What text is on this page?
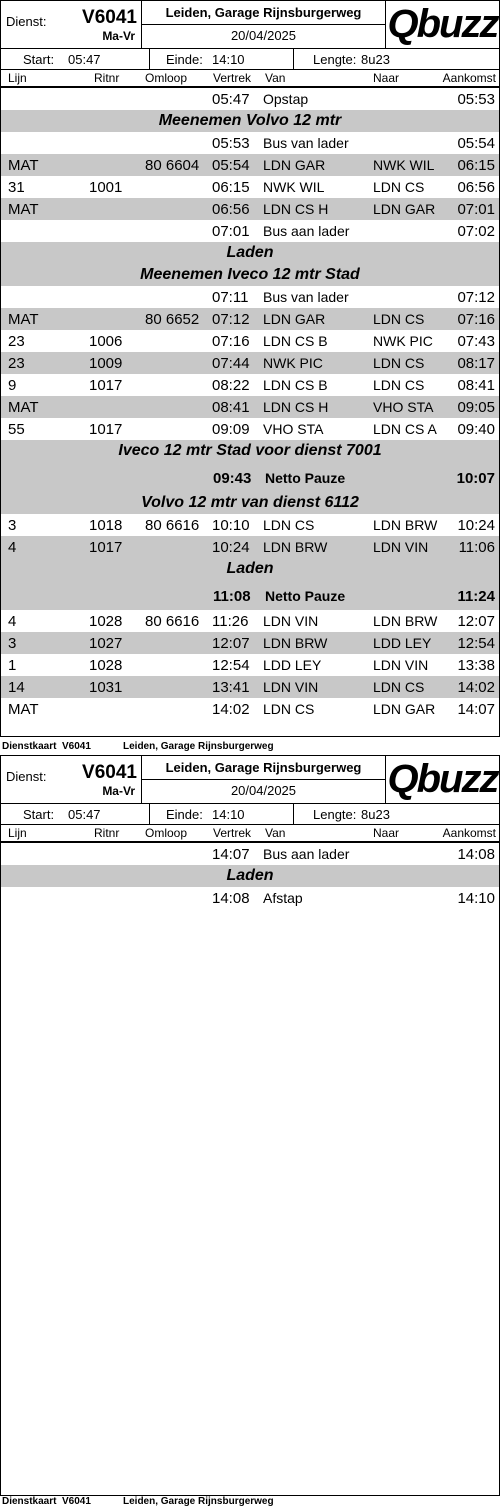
Dienst: V6041
Ma-Vr
Leiden, Garage Rijnsburgerweg
20/04/2025	Qbuzz
Start: 05:47	Einde: 14:10	Lengte: 8u23
Lijn	Ritnr Omloop Vertrek Van	Naar	Aankomst
05:47 Opstap	05:53
Meenemen Volvo 12 mtr
05:53 Bus van lader	05:54
MAT	80 6604 05:54 LDN GAR	NWK WIL 06:15
31	1001	06:15 NWK WIL	LDN CS 06:56
MAT	06:56 LDN CS H	LDN GAR 07:01
07:01 Bus aan lader	07:02
Laden
Meenemen Iveco 12 mtr Stad
07:11 Bus van lader	07:12
MAT	80 6652 07:12 LDN GAR	LDN CS 07:16
23	1006	07:16 LDN CS B	NWK PIC 07:43
23	1009	07:44 NWK PIC	LDN CS 08:17
9	1017	08:22 LDN CS B	LDN CS 08:41
MAT	08:41 LDN CS H	VHO STA 09:05
55	1017	09:09 VHO STA	LDN CS A 09:40
Iveco 12 mtr Stad voor dienst 7001
09:43 Netto Pauze	10:07
Volvo 12 mtr van dienst 6112
3	1018 80 6616 10:10 LDN CS	LDN BRW 10:24
4	1017	10:24 LDN BRW	LDN VIN 11:06
Laden
11:08 Netto Pauze	11:24
4	1028 80 6616 11:26 LDN VIN	LDN BRW 12:07
3	1027	12:07 LDN BRW	LDD LEY 12:54
1	1028	12:54 LDD LEY	LDN VIN 13:38
14	1031	13:41 LDN VIN	LDN CS 14:02
MAT	14:02 LDN CS	LDN GAR 14:07
Dienstkaart V6041	Leiden, Garage Rijnsburgerweg
Dienst: V6041
Ma-Vr
Leiden, Garage Rijnsburgerweg
20/04/2025	Qbuzz
Start: 05:47	Einde: 14:10	Lengte: 8u23
Lijn	Ritnr Omloop Vertrek Van	Naar	Aankomst
14:07 Bus aan lader	14:08
Laden
14:08 Afstap	14:10
Dienstkaart V6041	Leiden, Garage Rijnsburgerweg
